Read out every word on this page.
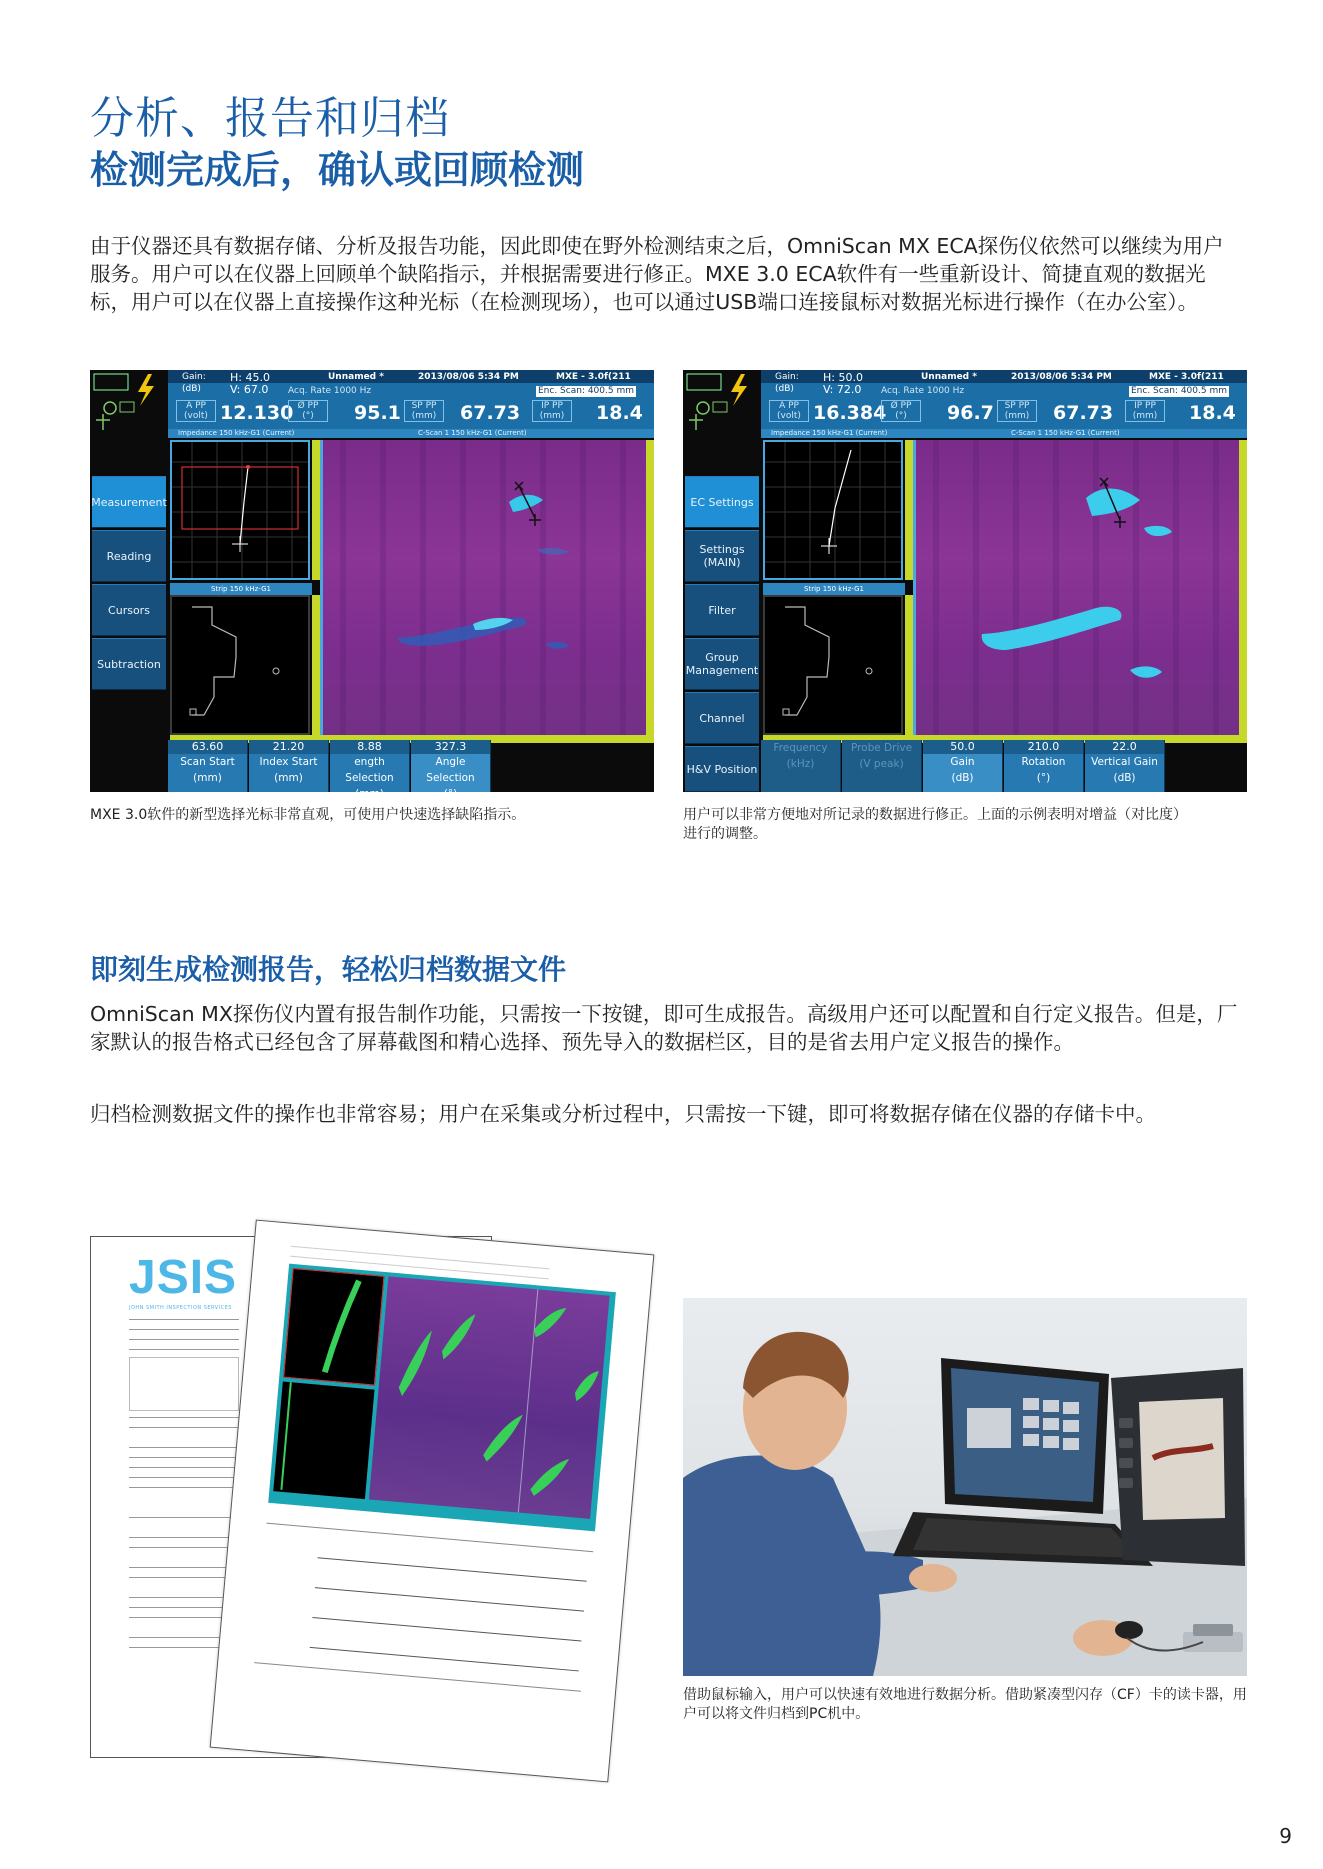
分析、报告和归档
检测完成后，确认或回顾检测

由于仪器还具有数据存储、分析及报告功能，因此即使在野外检测结束之后，OmniScan MX ECA探伤仪依然可以继续为用户服务。用户可以在仪器上回顾单个缺陷指示，并根据需要进行修正。MXE 3.0 ECA软件有一些重新设计、简捷直观的数据光标，用户可以在仪器上直接操作这种光标（在检测现场），也可以通过USB端口连接鼠标对数据光标进行操作（在办公室）。

Gain:
(dB)
H: 45.0
V: 67.0
Unnamed *	2013/08/06 5:34 PM	MXE - 3.0f(211
Acq. Rate 1000 Hz	Enc. Scan: 400.5 mm
A PP
(volt) 12.130 Ø PP
(°)	95.1	SP PP
(mm)	67.73	IP PP
(mm)	18.4
Impedance 150 kHz-G1 (Current)	C-Scan 1 150 kHz-G1 (Current)
Measurement
Reading
Cursors
Subtraction
Strip 150 kHz-G1
63.60
Scan Start
(mm)
21.20
Index Start
(mm)
8.88
ength Selection
(mm)
327.3
Angle Selection
(°)
Gain:
(dB)
H: 50.0
V: 72.0
Unnamed *	2013/08/06 5:34 PM	MXE - 3.0f(211
Acq. Rate 1000 Hz	Enc. Scan: 400.5 mm
A PP
(volt) 16.384 Ø PP
(°)	96.7	SP PP
(mm)	67.73	IP PP
(mm)	18.4
Impedance 150 kHz-G1 (Current)	C-Scan 1 150 kHz-G1 (Current)
EC Settings
Settings (MAIN)
Filter
Group Management
Channel
H&V Position
Strip 150 kHz-G1
Frequency
(kHz)
Probe Drive
(V peak)
50.0
Gain
(dB)
210.0
Rotation
(°)
22.0
Vertical Gain
(dB)
MXE 3.0软件的新型选择光标非常直观，可使用户快速选择缺陷指示。	用户可以非常方便地对所记录的数据进行修正。上面的示例表明对增益（对比度）进行的调整。
即刻生成检测报告，轻松归档数据文件

OmniScan MX探伤仪内置有报告制作功能，只需按一下按键，即可生成报告。高级用户还可以配置和自行定义报告。但是，厂家默认的报告格式已经包含了屏幕截图和精心选择、预先导入的数据栏区，目的是省去用户定义报告的操作。

归档检测数据文件的操作也非常容易；用户在采集或分析过程中，只需按一下键，即可将数据存储在仪器的存储卡中。

JSIS
JOHN SMITH INSPECTION SERVICES
借助鼠标输入，用户可以快速有效地进行数据分析。借助紧凑型闪存（CF）卡的读卡器，用户可以将文件归档到PC机中。
9
